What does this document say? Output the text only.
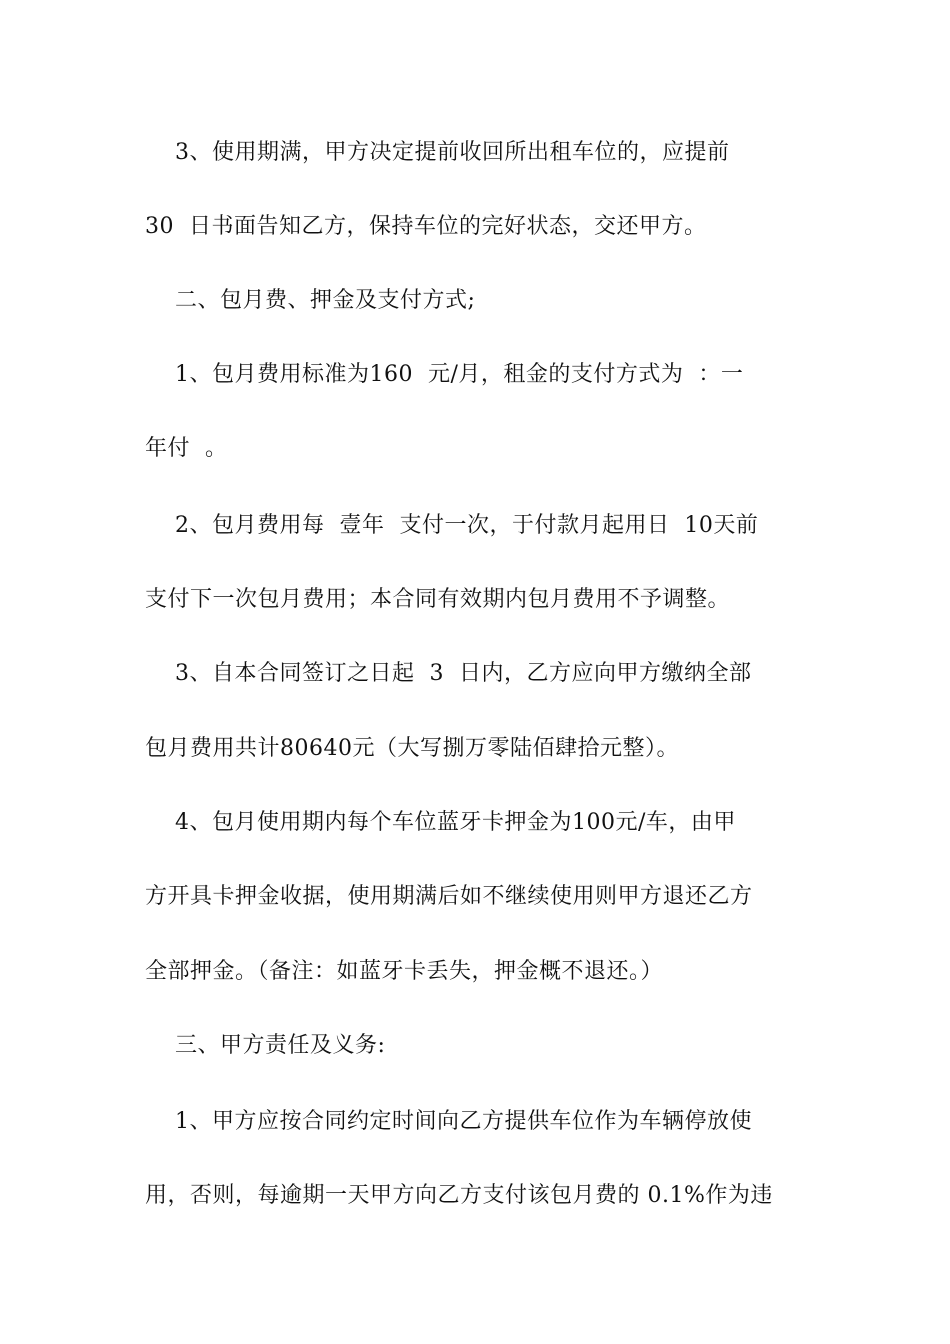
3、使用期满，甲方决定提前收回所出租车位的，应提前
30  日书面告知乙方，保持车位的完好状态，交还甲方。
二、包月费、押金及支付方式;
1、包月费用标准为160  元/月，租金的支付方式为  ：一
年付  。
2、包月费用每  壹年  支付一次，于付款月起用日  10天前
支付下一次包月费用；本合同有效期内包月费用不予调整。
3、自本合同签订之日起  3  日内，乙方应向甲方缴纳全部
包月费用共计80640元（大写捌万零陆佰肆拾元整）。
4、包月使用期内每个车位蓝牙卡押金为100元/车，由甲
方开具卡押金收据，使用期满后如不继续使用则甲方退还乙方
全部押金。（备注：如蓝牙卡丢失，押金概不退还。）
三、甲方责任及义务:
1、甲方应按合同约定时间向乙方提供车位作为车辆停放使
用，否则，每逾期一天甲方向乙方支付该包月费的 0.1%作为违
